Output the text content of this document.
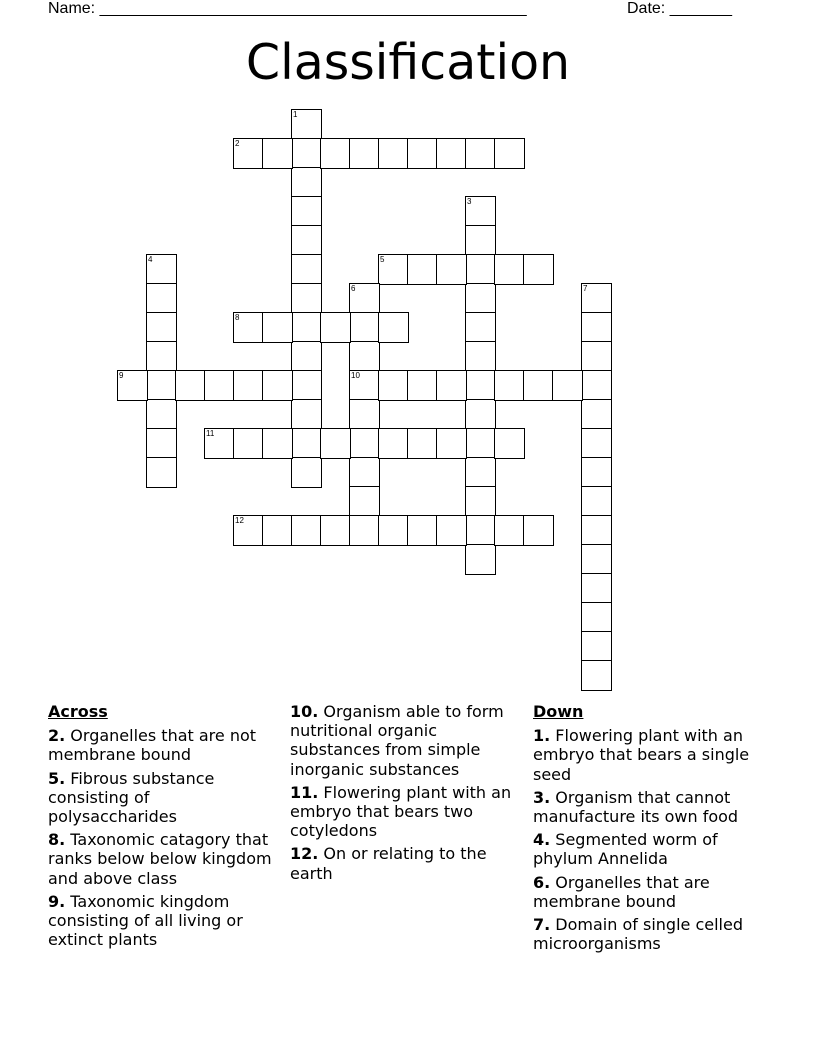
Name: ________________________________________________	Date: _______
Classification
1
2
3
4	5
6
10
7
8
9
11
12
Across
2. Organelles that are not membrane bound
5. Fibrous substance consisting of polysaccharides
8. Taxonomic catagory that ranks below below kingdom and above class
9. Taxonomic kingdom consisting of all living or extinct plants
10. Organism able to form nutritional organic substances from simple inorganic substances
11. Flowering plant with an embryo that bears two cotyledons
12. On or relating to the earth
Down
1. Flowering plant with an embryo that bears a single seed
3. Organism that cannot manufacture its own food
4. Segmented worm of phylum Annelida
6. Organelles that are membrane bound
7. Domain of single celled microorganisms
